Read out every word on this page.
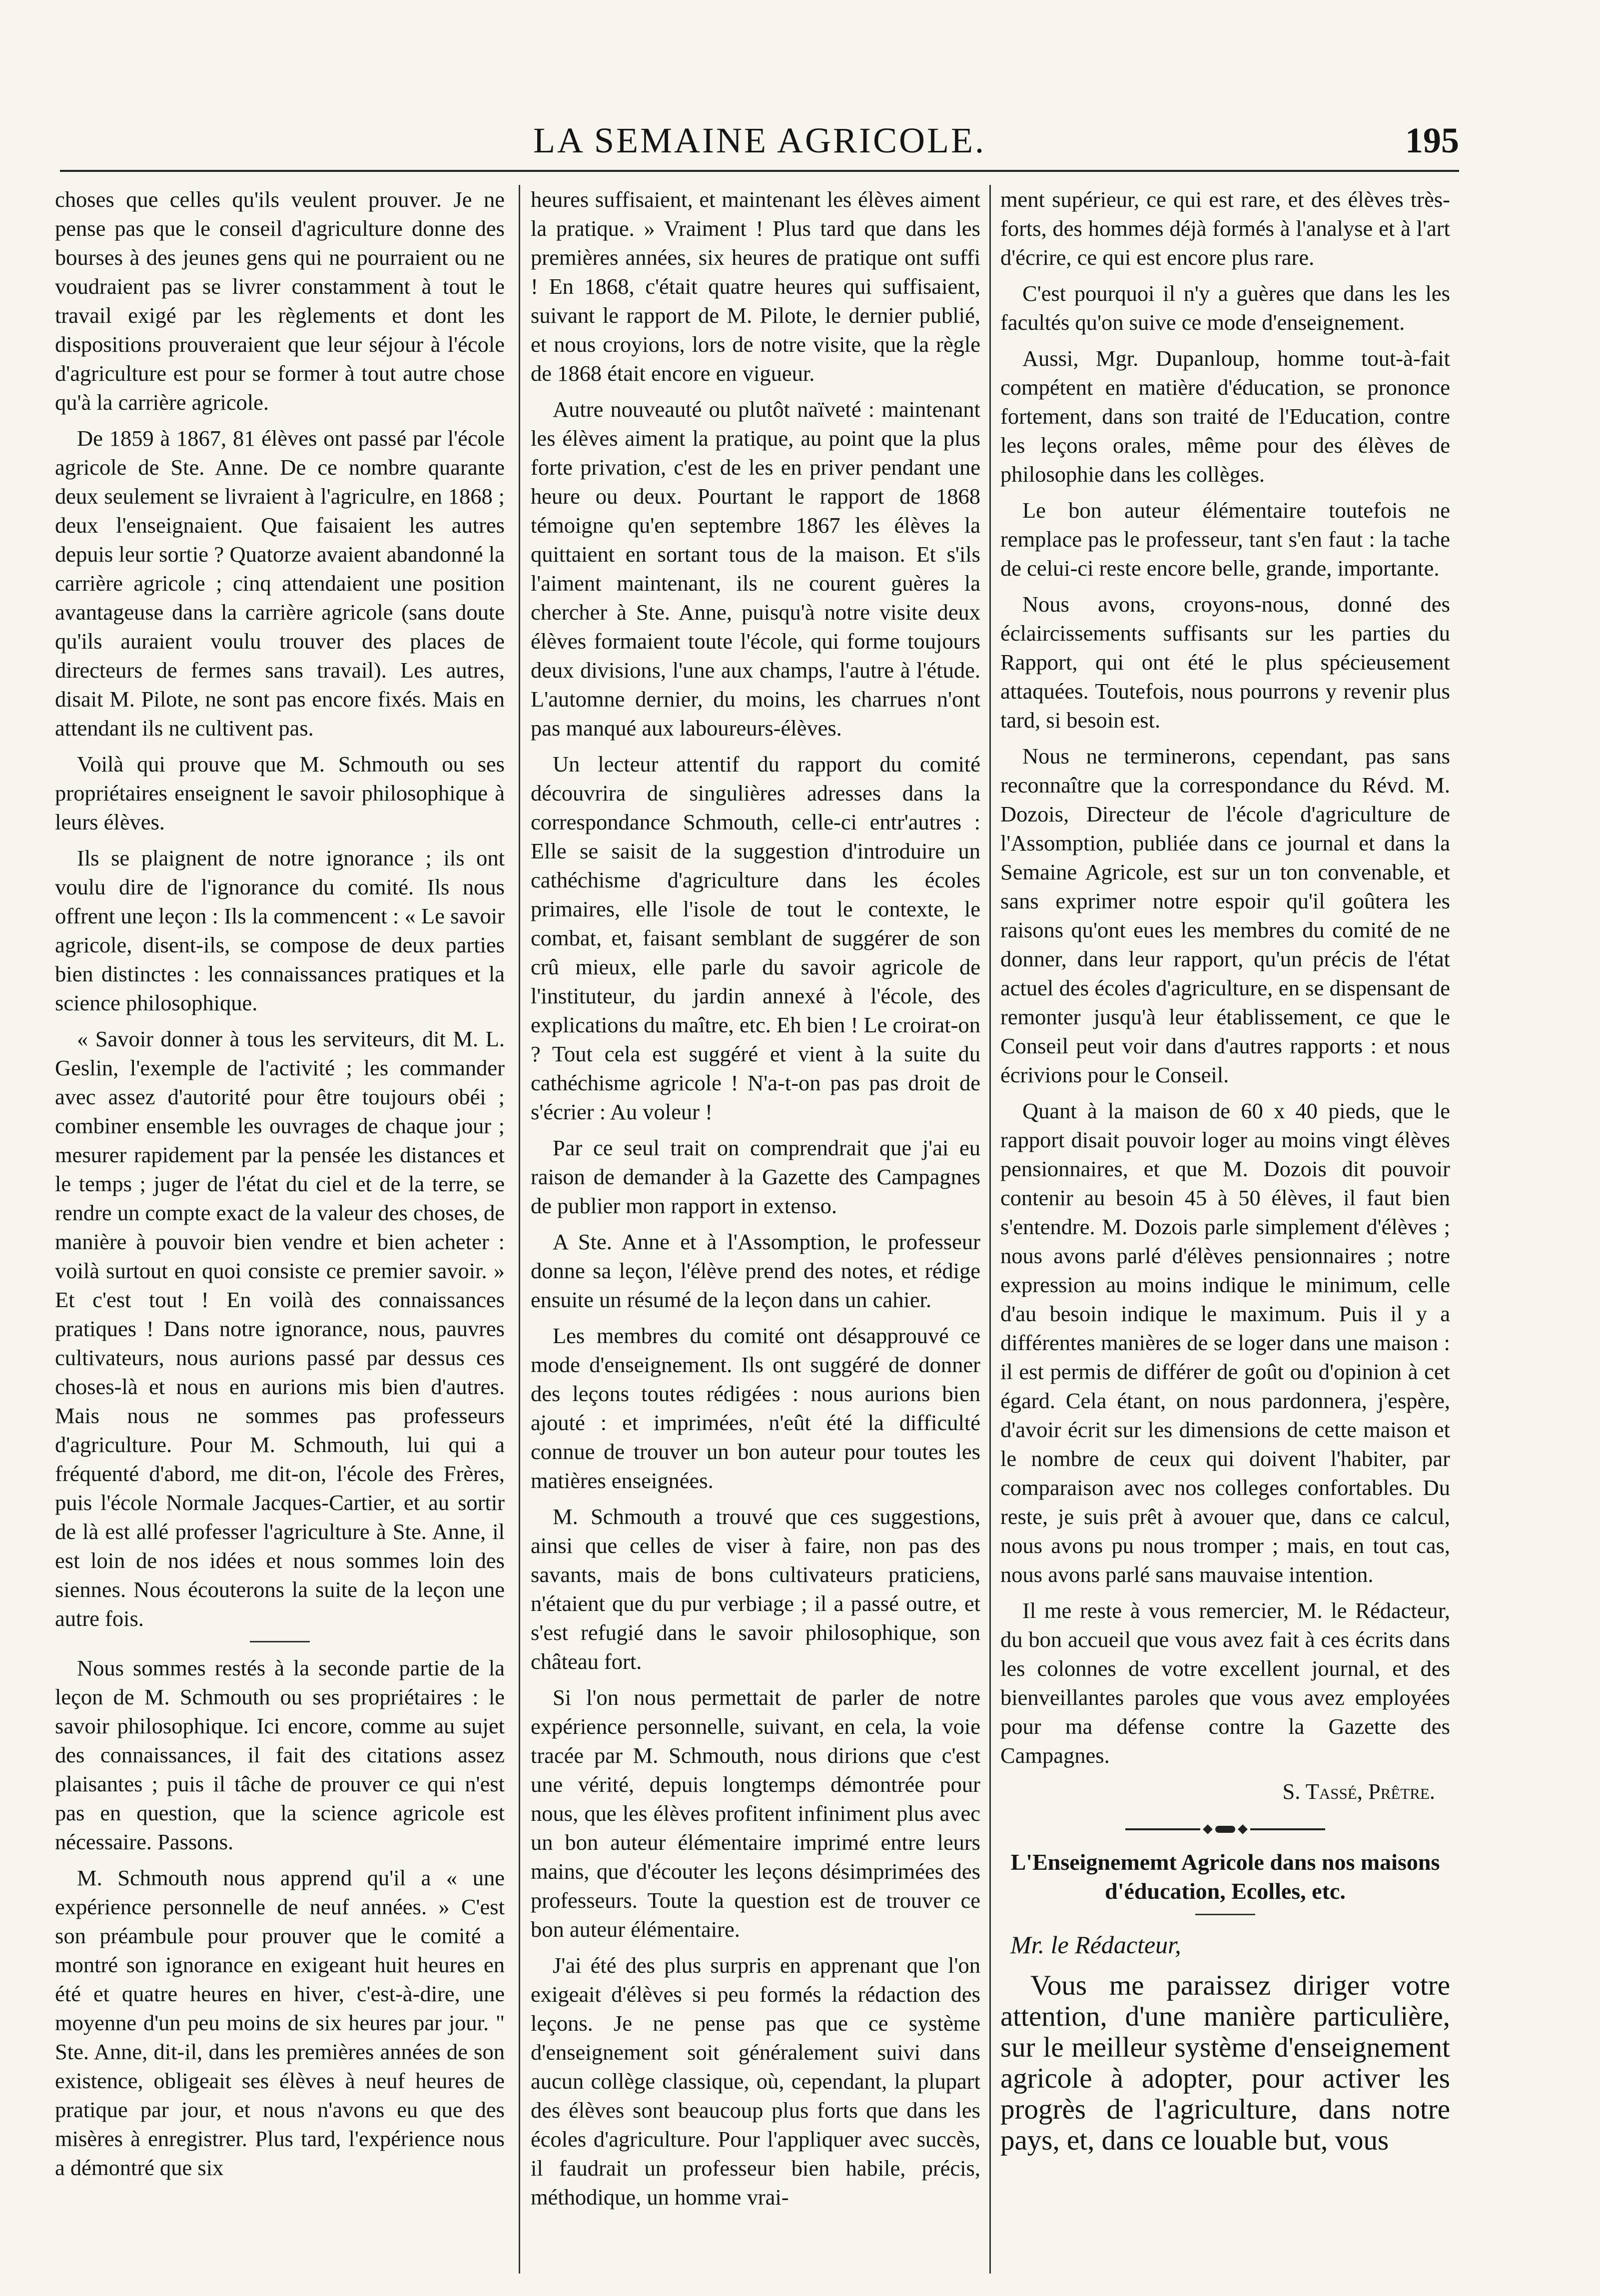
LA SEMAINE AGRICOLE.	195

choses que celles qu'ils veulent prouver. Je ne pense pas que le conseil d'agriculture donne des bourses à des jeunes gens qui ne pourraient ou ne voudraient pas se livrer constamment à tout le travail exigé par les règlements et dont les dispositions prouveraient que leur séjour à l'école d'agriculture est pour se former à tout autre chose qu'à la carrière agricole.

De 1859 à 1867, 81 élèves ont passé par l'école agricole de Ste. Anne. De ce nombre quarante deux seulement se livraient à l'agriculre, en 1868 ; deux l'enseignaient. Que faisaient les autres depuis leur sortie ? Quatorze avaient abandonné la carrière agricole ; cinq attendaient une position avantageuse dans la carrière agricole (sans doute qu'ils auraient voulu trouver des places de directeurs de fermes sans travail). Les autres, disait M. Pilote, ne sont pas encore fixés. Mais en attendant ils ne cultivent pas.

Voilà qui prouve que M. Schmouth ou ses propriétaires enseignent le savoir philosophique à leurs élèves.

Ils se plaignent de notre ignorance ; ils ont voulu dire de l'ignorance du comité. Ils nous offrent une leçon : Ils la commencent : « Le savoir agricole, disent-ils, se compose de deux parties bien distinctes : les connaissances pratiques et la science philosophique.

« Savoir donner à tous les serviteurs, dit M. L. Geslin, l'exemple de l'activité ; les commander avec assez d'autorité pour être toujours obéi ; combiner ensemble les ouvrages de chaque jour ; mesurer rapidement par la pensée les distances et le temps ; juger de l'état du ciel et de la terre, se rendre un compte exact de la valeur des choses, de manière à pouvoir bien vendre et bien acheter : voilà surtout en quoi consiste ce premier savoir. » Et c'est tout ! En voilà des connaissances pratiques ! Dans notre ignorance, nous, pauvres cultivateurs, nous aurions passé par dessus ces choses-là et nous en aurions mis bien d'autres. Mais nous ne sommes pas professeurs d'agriculture. Pour M. Schmouth, lui qui a fréquenté d'abord, me dit-on, l'école des Frères, puis l'école Normale Jacques-Cartier, et au sortir de là est allé professer l'agriculture à Ste. Anne, il est loin de nos idées et nous sommes loin des siennes. Nous écouterons la suite de la leçon une autre fois.

Nous sommes restés à la seconde partie de la leçon de M. Schmouth ou ses propriétaires : le savoir philosophique. Ici encore, comme au sujet des connaissances, il fait des citations assez plaisantes ; puis il tâche de prouver ce qui n'est pas en question, que la science agricole est nécessaire. Passons.

M. Schmouth nous apprend qu'il a « une expérience personnelle de neuf années. » C'est son préambule pour prouver que le comité a montré son ignorance en exigeant huit heures en été et quatre heures en hiver, c'est-à-dire, une moyenne d'un peu moins de six heures par jour. " Ste. Anne, dit-il, dans les premières années de son existence, obligeait ses élèves à neuf heures de pratique par jour, et nous n'avons eu que des misères à enregistrer. Plus tard, l'expérience nous a démontré que six

heures suffisaient, et maintenant les élèves aiment la pratique. » Vraiment ! Plus tard que dans les premières années, six heures de pratique ont suffi ! En 1868, c'était quatre heures qui suffisaient, suivant le rapport de M. Pilote, le dernier publié, et nous croyions, lors de notre visite, que la règle de 1868 était encore en vigueur.

Autre nouveauté ou plutôt naïveté : maintenant les élèves aiment la pratique, au point que la plus forte privation, c'est de les en priver pendant une heure ou deux. Pourtant le rapport de 1868 témoigne qu'en septembre 1867 les élèves la quittaient en sortant tous de la maison. Et s'ils l'aiment maintenant, ils ne courent guères la chercher à Ste. Anne, puisqu'à notre visite deux élèves formaient toute l'école, qui forme toujours deux divisions, l'une aux champs, l'autre à l'étude. L'automne dernier, du moins, les charrues n'ont pas manqué aux laboureurs-élèves.

Un lecteur attentif du rapport du comité découvrira de singulières adresses dans la correspondance Schmouth, celle-ci entr'autres : Elle se saisit de la suggestion d'introduire un cathéchisme d'agriculture dans les écoles primaires, elle l'isole de tout le contexte, le combat, et, faisant semblant de suggérer de son crû mieux, elle parle du savoir agricole de l'instituteur, du jardin annexé à l'école, des explications du maître, etc. Eh bien ! Le croirat-on ? Tout cela est suggéré et vient à la suite du cathéchisme agricole ! N'a-t-on pas pas droit de s'écrier : Au voleur !

Par ce seul trait on comprendrait que j'ai eu raison de demander à la Gazette des Campagnes de publier mon rapport in extenso.

A Ste. Anne et à l'Assomption, le professeur donne sa leçon, l'élève prend des notes, et rédige ensuite un résumé de la leçon dans un cahier.

Les membres du comité ont désapprouvé ce mode d'enseignement. Ils ont suggéré de donner des leçons toutes rédigées : nous aurions bien ajouté : et imprimées, n'eût été la difficulté connue de trouver un bon auteur pour toutes les matières enseignées.

M. Schmouth a trouvé que ces suggestions, ainsi que celles de viser à faire, non pas des savants, mais de bons cultivateurs praticiens, n'étaient que du pur verbiage ; il a passé outre, et s'est refugié dans le savoir philosophique, son château fort.

Si l'on nous permettait de parler de notre expérience personnelle, suivant, en cela, la voie tracée par M. Schmouth, nous dirions que c'est une vérité, depuis longtemps démontrée pour nous, que les élèves profitent infiniment plus avec un bon auteur élémentaire imprimé entre leurs mains, que d'écouter les leçons désimprimées des professeurs. Toute la question est de trouver ce bon auteur élémentaire.

J'ai été des plus surpris en apprenant que l'on exigeait d'élèves si peu formés la rédaction des leçons. Je ne pense pas que ce système d'enseignement soit généralement suivi dans aucun collège classique, où, cependant, la plupart des élèves sont beaucoup plus forts que dans les écoles d'agriculture. Pour l'appliquer avec succès, il faudrait un professeur bien habile, précis, méthodique, un homme vrai-

ment supérieur, ce qui est rare, et des élèves très-forts, des hommes déjà formés à l'analyse et à l'art d'écrire, ce qui est encore plus rare.

C'est pourquoi il n'y a guères que dans les les facultés qu'on suive ce mode d'enseignement.

Aussi, Mgr. Dupanloup, homme tout-à-fait compétent en matière d'éducation, se prononce fortement, dans son traité de l'Education, contre les leçons orales, même pour des élèves de philosophie dans les collèges.

Le bon auteur élémentaire toutefois ne remplace pas le professeur, tant s'en faut : la tache de celui-ci reste encore belle, grande, importante.

Nous avons, croyons-nous, donné des éclaircissements suffisants sur les parties du Rapport, qui ont été le plus spécieusement attaquées. Toutefois, nous pourrons y revenir plus tard, si besoin est.

Nous ne terminerons, cependant, pas sans reconnaître que la correspondance du Révd. M. Dozois, Directeur de l'école d'agriculture de l'Assomption, publiée dans ce journal et dans la Semaine Agricole, est sur un ton convenable, et sans exprimer notre espoir qu'il goûtera les raisons qu'ont eues les membres du comité de ne donner, dans leur rapport, qu'un précis de l'état actuel des écoles d'agriculture, en se dispensant de remonter jusqu'à leur établissement, ce que le Conseil peut voir dans d'autres rapports : et nous écrivions pour le Conseil.

Quant à la maison de 60 x 40 pieds, que le rapport disait pouvoir loger au moins vingt élèves pensionnaires, et que M. Dozois dit pouvoir contenir au besoin 45 à 50 élèves, il faut bien s'entendre. M. Dozois parle simplement d'élèves ; nous avons parlé d'élèves pensionnaires ; notre expression au moins indique le minimum, celle d'au besoin indique le maximum. Puis il y a différentes manières de se loger dans une maison : il est permis de différer de goût ou d'opinion à cet égard. Cela étant, on nous pardonnera, j'espère, d'avoir écrit sur les dimensions de cette maison et le nombre de ceux qui doivent l'habiter, par comparaison avec nos colleges confortables. Du reste, je suis prêt à avouer que, dans ce calcul, nous avons pu nous tromper ; mais, en tout cas, nous avons parlé sans mauvaise intention.

Il me reste à vous remercier, M. le Rédacteur, du bon accueil que vous avez fait à ces écrits dans les colonnes de votre excellent journal, et des bienveillantes paroles que vous avez employées pour ma défense contre la Gazette des Campagnes.

S. Tassé, Prêtre.
L'Enseignememt Agricole dans nos maisons d'éducation, Ecolles, etc.
Mr. le Rédacteur,

Vous me paraissez diriger votre attention, d'une manière particulière, sur le meilleur système d'enseignement agricole à adopter, pour activer les progrès de l'agriculture, dans notre pays, et, dans ce louable but, vous
